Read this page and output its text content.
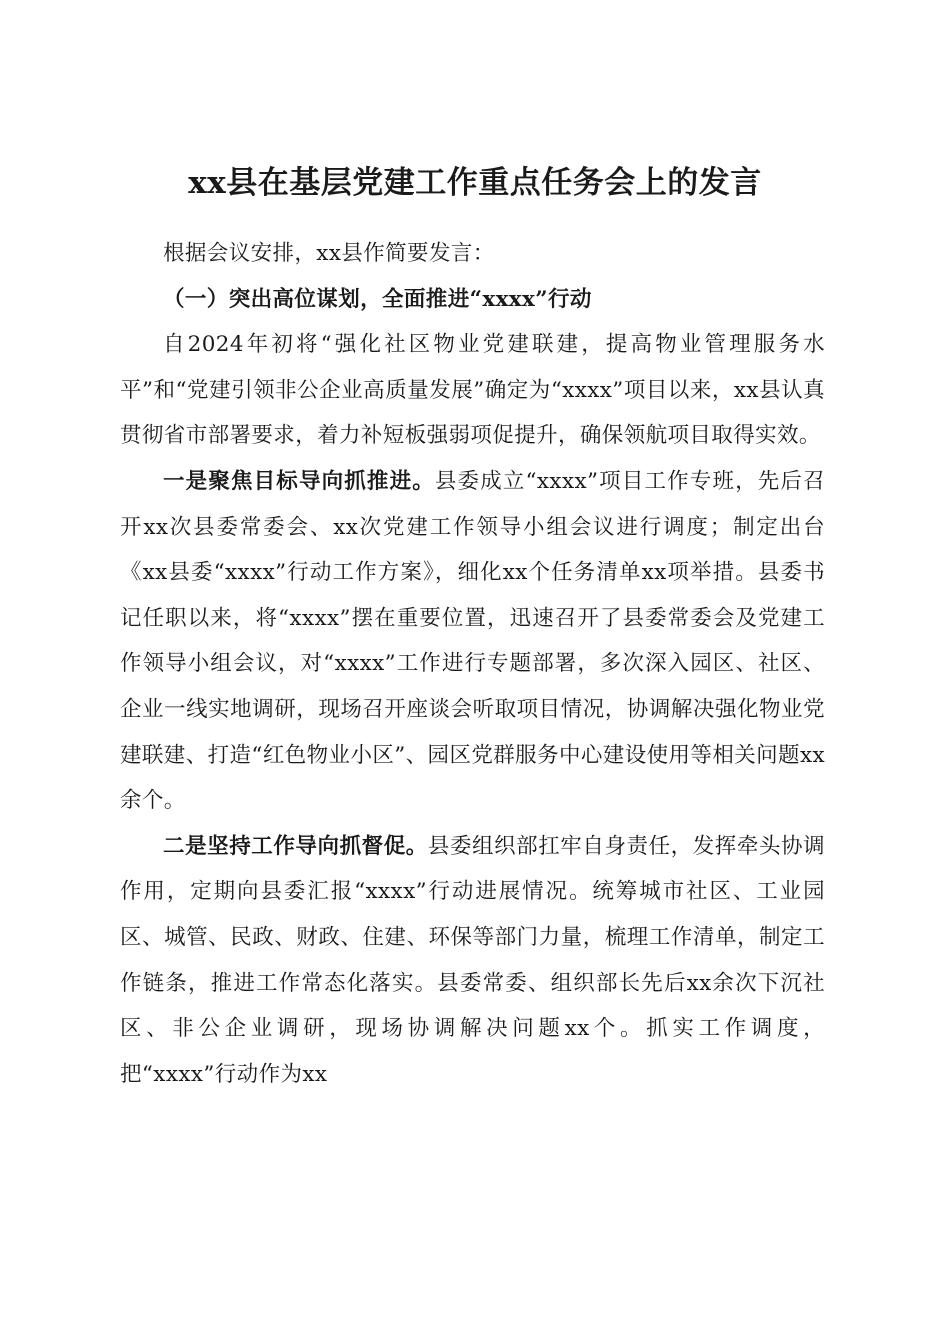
xx县在基层党建工作重点任务会上的发言

根据会议安排，xx县作简要发言：

（一）突出高位谋划，全面推进“xxxx”行动

自2024年初将“强化社区物业党建联建，提高物业管理服务水平”和“党建引领非公企业高质量发展”确定为“xxxx”项目以来，xx县认真贯彻省市部署要求，着力补短板强弱项促提升，确保领航项目取得实效。

一是聚焦目标导向抓推进。县委成立“xxxx”项目工作专班，先后召开xx次县委常委会、xx次党建工作领导小组会议进行调度；制定出台《xx县委“xxxx”行动工作方案》，细化xx个任务清单xx项举措。县委书记任职以来，将“xxxx”摆在重要位置，迅速召开了县委常委会及党建工作领导小组会议，对“xxxx”工作进行专题部署，多次深入园区、社区、企业一线实地调研，现场召开座谈会听取项目情况，协调解决强化物业党建联建、打造“红色物业小区”、园区党群服务中心建设使用等相关问题xx余个。

二是坚持工作导向抓督促。县委组织部扛牢自身责任，发挥牵头协调作用，定期向县委汇报“xxxx”行动进展情况。统筹城市社区、工业园区、城管、民政、财政、住建、环保等部门力量，梳理工作清单，制定工作链条，推进工作常态化落实。县委常委、组织部长先后xx余次下沉社区、非公企业调研，现场协调解决问题xx个。抓实工作调度，把“xxxx”行动作为xx
